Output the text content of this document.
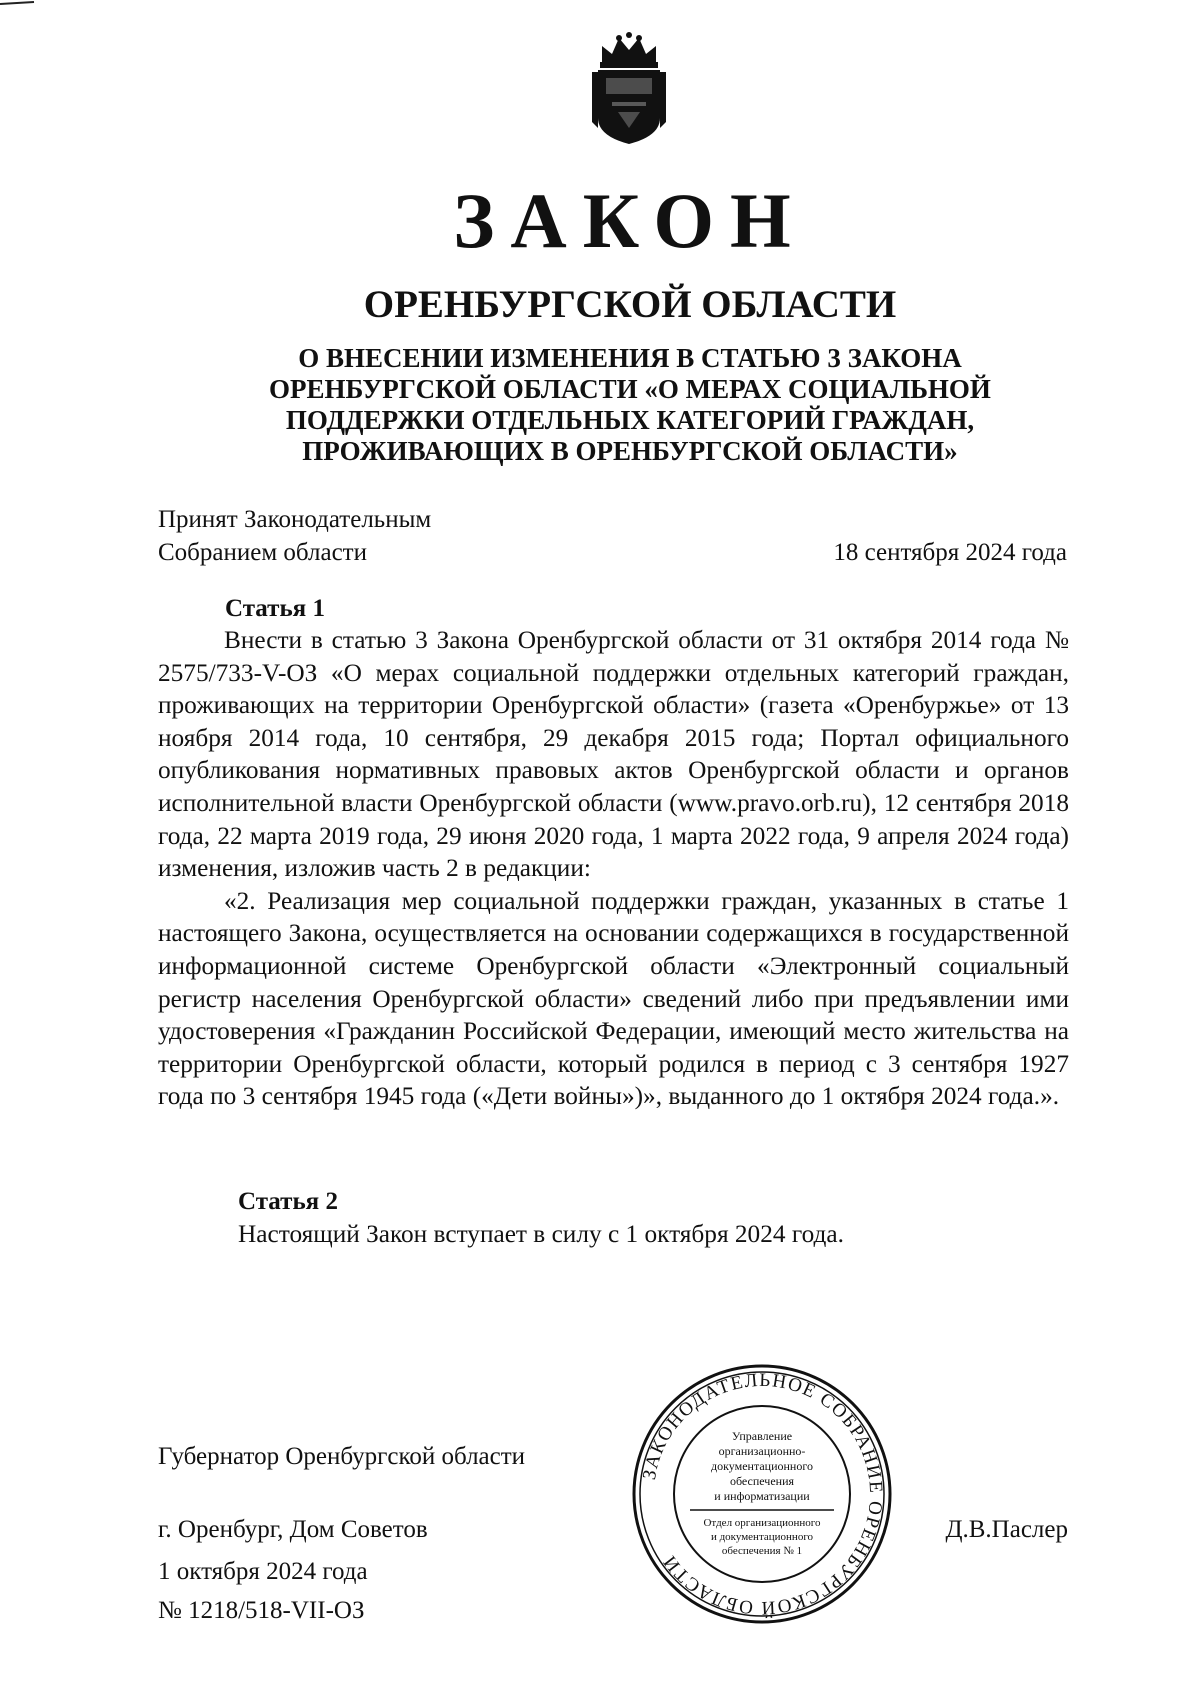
ЗАКОН
ОРЕНБУРГСКОЙ ОБЛАСТИ
О ВНЕСЕНИИ ИЗМЕНЕНИЯ В СТАТЬЮ 3 ЗАКОНА
ОРЕНБУРГСКОЙ ОБЛАСТИ «О МЕРАХ СОЦИАЛЬНОЙ
ПОДДЕРЖКИ ОТДЕЛЬНЫХ КАТЕГОРИЙ ГРАЖДАН,
ПРОЖИВАЮЩИХ В ОРЕНБУРГСКОЙ ОБЛАСТИ»
Принят Законодательным
Собранием области	18 сентября 2024 года
Статья 1

Внести в статью 3 Закона Оренбургской области от 31 октября 2014 года № 2575/733-V-ОЗ «О мерах социальной поддержки отдельных категорий граждан, проживающих на территории Оренбургской области» (газета «Оренбуржье» от 13 ноября 2014 года, 10 сентября, 29 декабря 2015 года; Портал официального опубликования нормативных правовых актов Оренбургской области и органов исполнительной власти Оренбургской области (www.pravo.orb.ru), 12 сентября 2018 года, 22 марта 2019 года, 29 июня 2020 года, 1 марта 2022 года, 9 апреля 2024 года) изменения, изложив часть 2 в редакции:

«2. Реализация мер социальной поддержки граждан, указанных в статье 1 настоящего Закона, осуществляется на основании содержащихся в государственной информационной системе Оренбургской области «Электронный социальный регистр населения Оренбургской области» сведений либо при предъявлении ими удостоверения «Гражданин Российской Федерации, имеющий место жительства на территории Оренбургской области, который родился в период с 3 сентября 1927 года по 3 сентября 1945 года («Дети войны»)», выданного до 1 октября 2024 года.».

Статья 2
Настоящий Закон вступает в силу с 1 октября 2024 года.
Губернатор Оренбургской области
г. Оренбург, Дом Советов
1 октября 2024 года
№ 1218/518-VII-ОЗ
Д.В.Паслер
ЗАКОНОДАТЕЛЬНОЕ СОБРАНИЕ ОРЕНБУРГСКОЙ ОБЛАСТИ
Управление
организационно-
документационного
обеспечения
и информатизации
Отдел организационного
и документационного
обеспечения № 1
